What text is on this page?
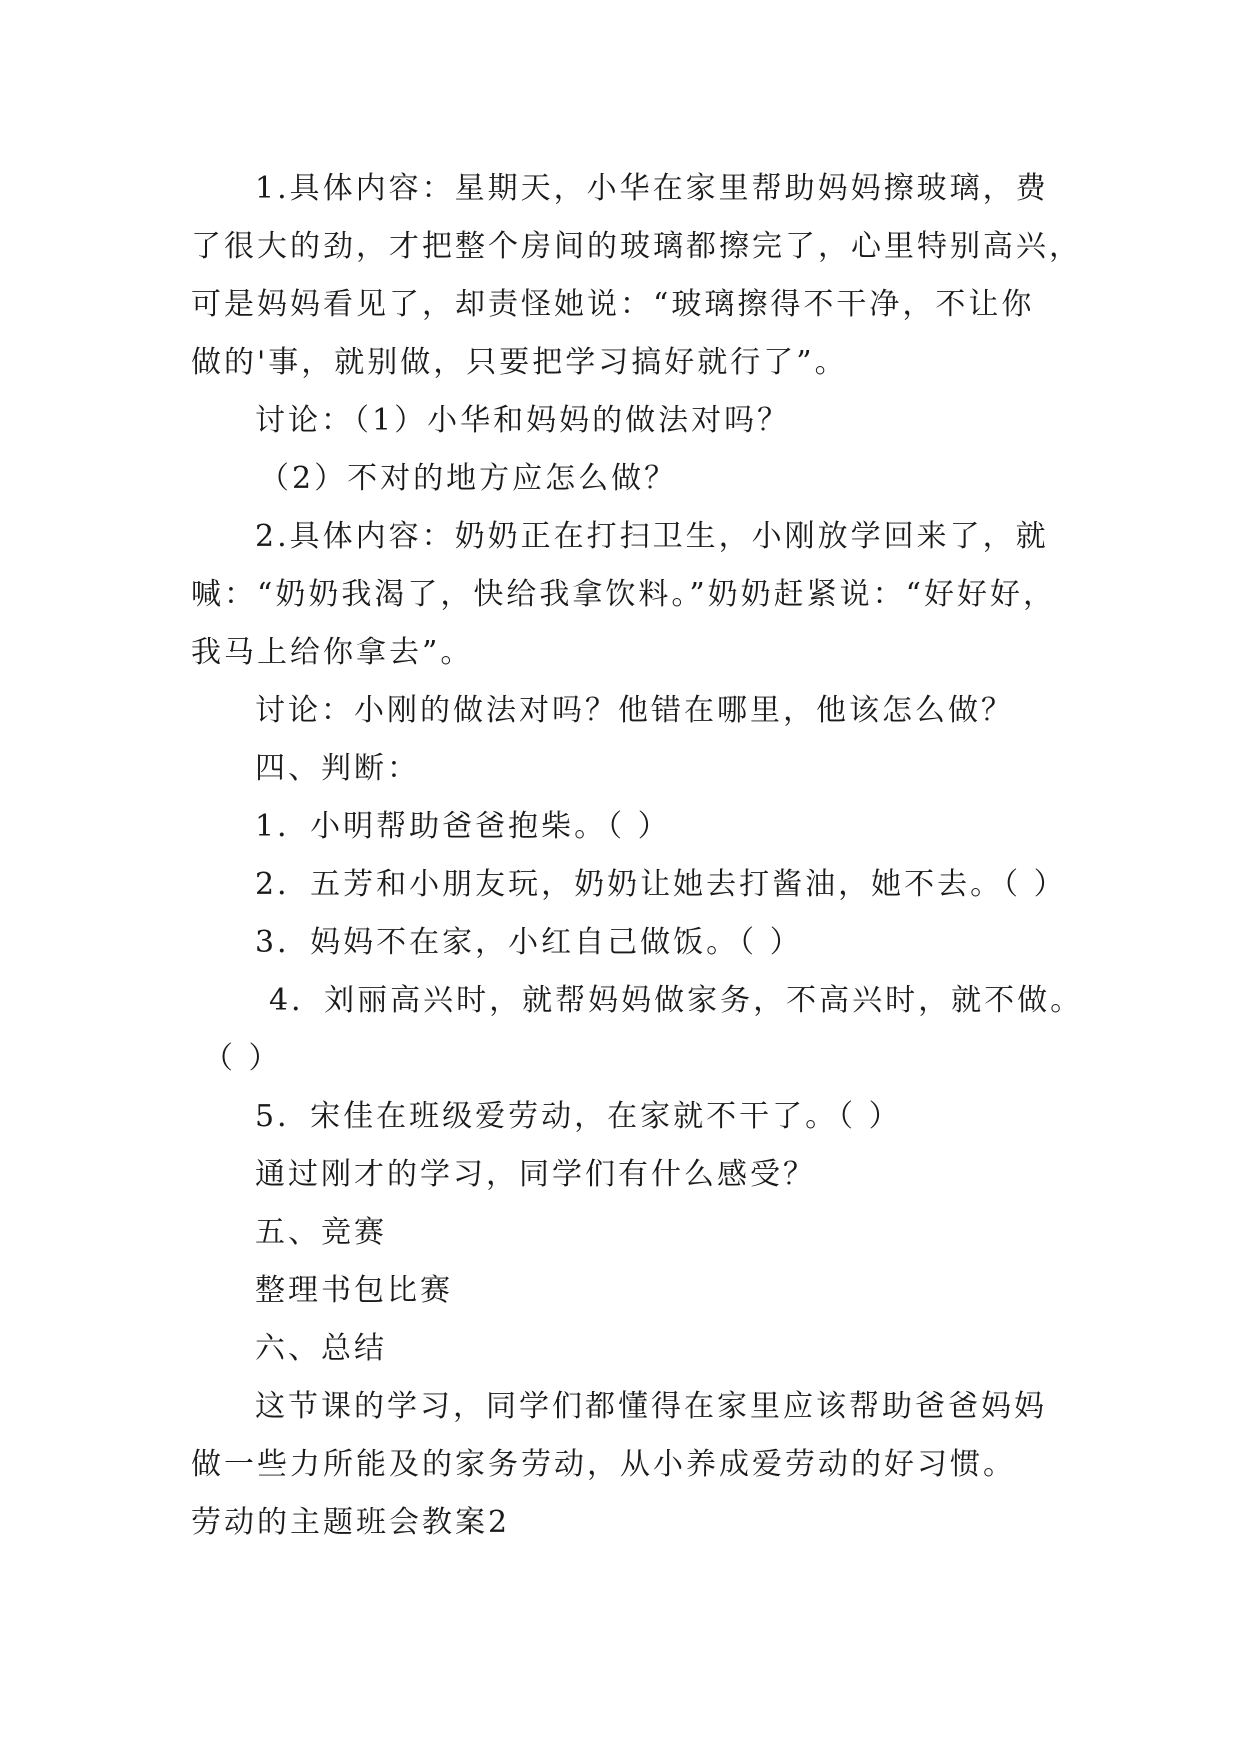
1.具体内容：星期天，小华在家里帮助妈妈擦玻璃，费

了很大的劲，才把整个房间的玻璃都擦完了，心里特别高兴，

可是妈妈看见了，却责怪她说：“玻璃擦得不干净，不让你

做的'事，就别做，只要把学习搞好就行了”。

讨论：（1）小华和妈妈的做法对吗？

（2）不对的地方应怎么做？

2.具体内容：奶奶正在打扫卫生，小刚放学回来了，就

喊：“奶奶我渴了，快给我拿饮料。”奶奶赶紧说：“好好好，

我马上给你拿去”。

讨论：小刚的做法对吗？他错在哪里，他该怎么做？

四、判断：

1．小明帮助爸爸抱柴。（ ）

2．五芳和小朋友玩，奶奶让她去打酱油，她不去。（ ）

3．妈妈不在家，小红自己做饭。（ ）

4．刘丽高兴时，就帮妈妈做家务，不高兴时，就不做。

（ ）

5．宋佳在班级爱劳动，在家就不干了。（ ）

通过刚才的学习，同学们有什么感受？

五、竞赛

整理书包比赛

六、总结

这节课的学习，同学们都懂得在家里应该帮助爸爸妈妈

做一些力所能及的家务劳动，从小养成爱劳动的好习惯。

劳动的主题班会教案2
